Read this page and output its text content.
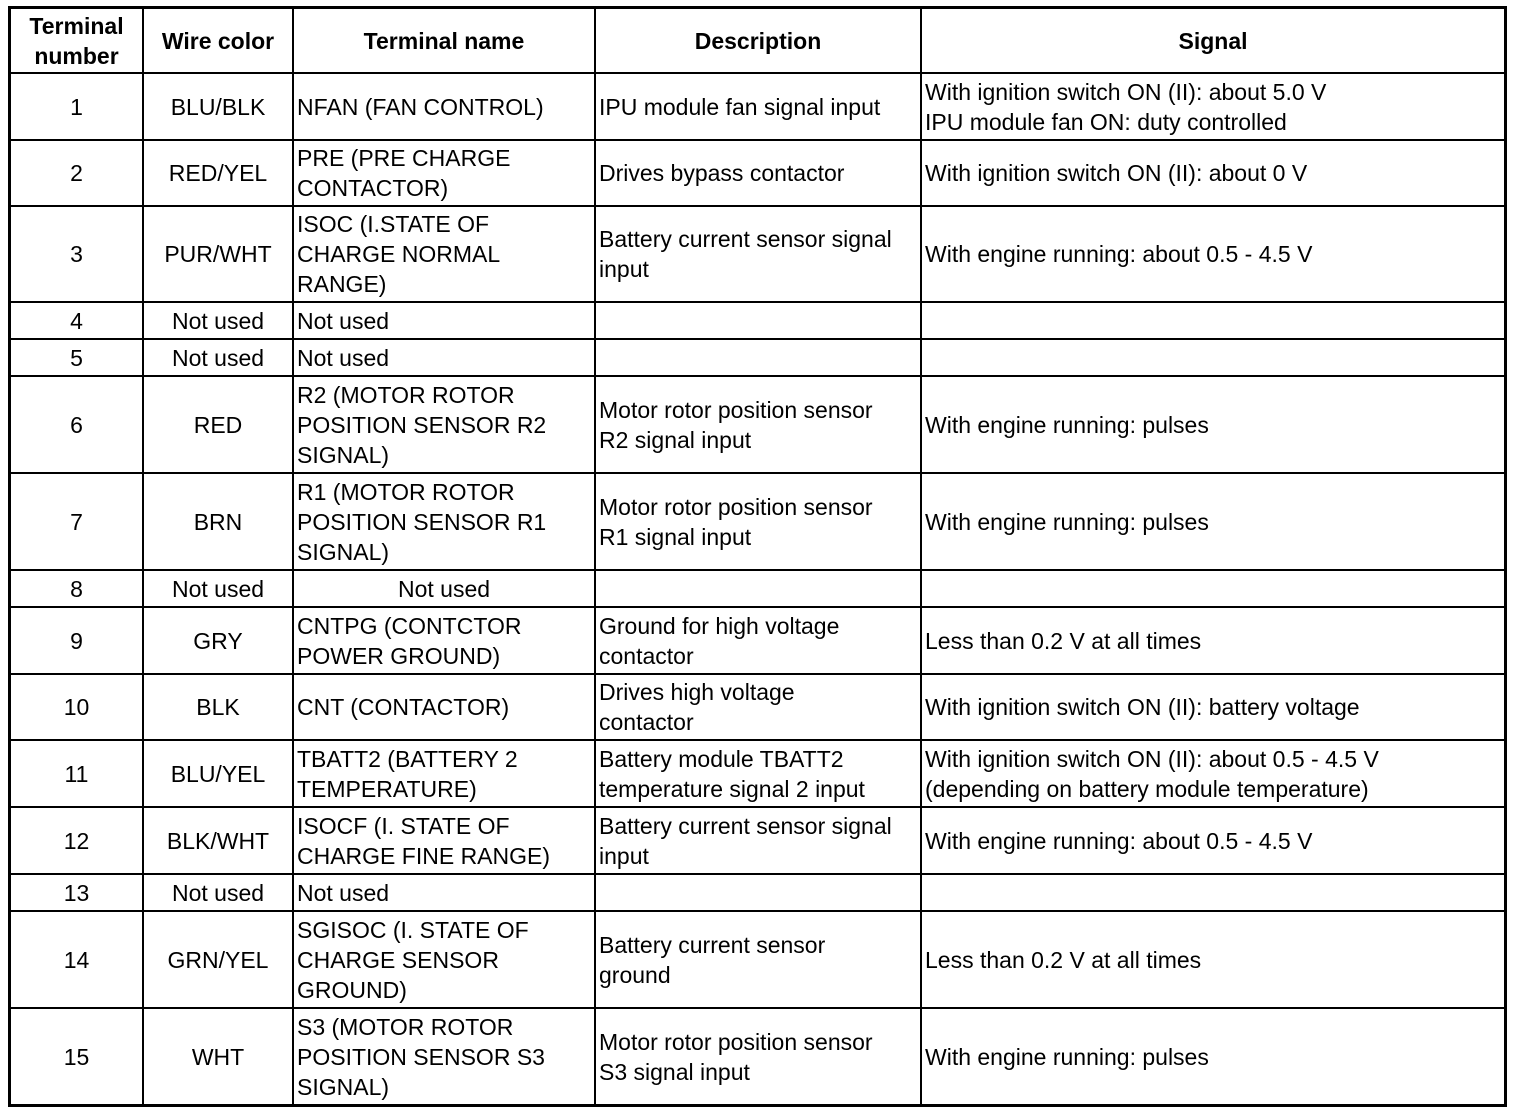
Terminal
number	Wire color	Terminal name	Description	Signal
1	BLU/BLK	NFAN (FAN CONTROL)	IPU module fan signal input	With ignition switch ON (II): about 5.0 V
IPU module fan ON: duty controlled

2	RED/YEL	PRE (PRE CHARGE
CONTACTOR)	Drives bypass contactor	With ignition switch ON (II): about 0 V

3	PUR/WHT	ISOC (I.STATE OF
CHARGE NORMAL
RANGE)	Battery current sensor signal
input	With engine running: about 0.5 - 4.5 V

4	Not used	Not used		

5	Not used	Not used		

6	RED	R2 (MOTOR ROTOR
POSITION SENSOR R2
SIGNAL)	Motor rotor position sensor
R2 signal input	With engine running: pulses

7	BRN	R1 (MOTOR ROTOR
POSITION SENSOR R1
SIGNAL)	Motor rotor position sensor
R1 signal input	With engine running: pulses

8	Not used	Not used		

9	GRY	CNTPG (CONTCTOR
POWER GROUND)	Ground for high voltage
contactor	Less than 0.2 V at all times

10	BLK	CNT (CONTACTOR)	Drives high voltage
contactor	With ignition switch ON (II): battery voltage

11	BLU/YEL	TBATT2 (BATTERY 2
TEMPERATURE)	Battery module TBATT2
temperature signal 2 input	With ignition switch ON (II): about 0.5 - 4.5 V
(depending on battery module temperature)

12	BLK/WHT	ISOCF (I. STATE OF
CHARGE FINE RANGE)	Battery current sensor signal
input	With engine running: about 0.5 - 4.5 V

13	Not used	Not used		

14	GRN/YEL	SGISOC (I. STATE OF
CHARGE SENSOR
GROUND)	Battery current sensor
ground	Less than 0.2 V at all times

15	WHT	S3 (MOTOR ROTOR
POSITION SENSOR S3
SIGNAL)	Motor rotor position sensor
S3 signal input	With engine running: pulses
